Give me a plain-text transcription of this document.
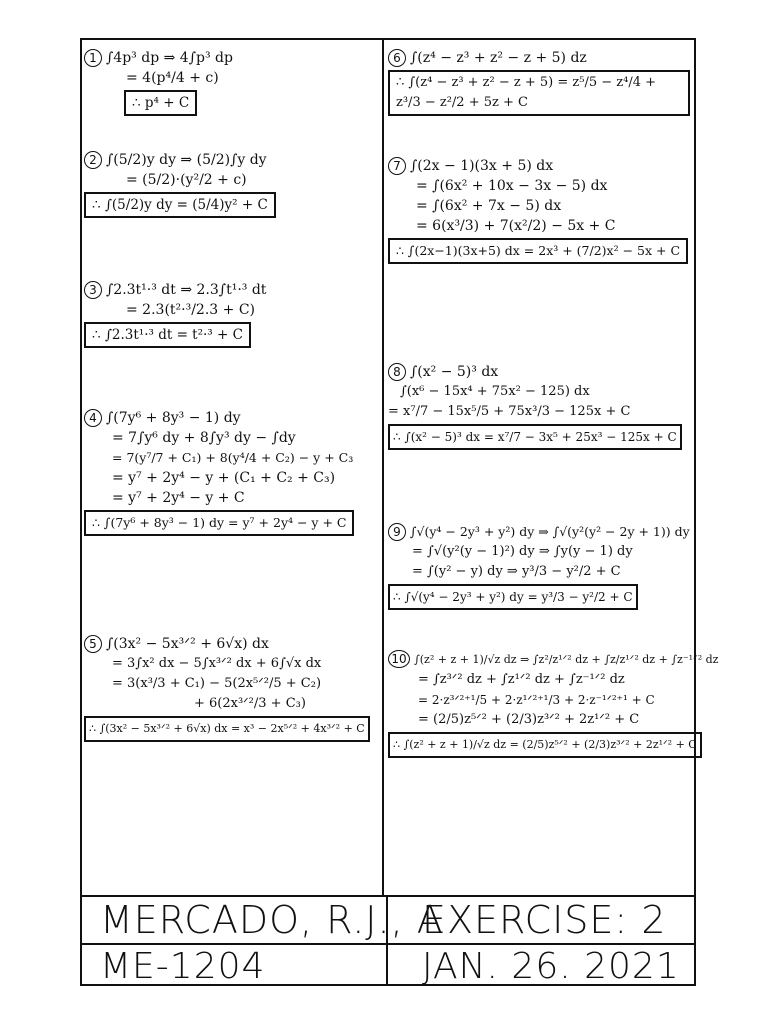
1 ∫4p³ dp ⇒ 4∫p³ dp
= 4(p⁴/4 + c)
∴ p⁴ + C
2 ∫(5/2)y dy ⇒ (5/2)∫y dy
= (5/2)·(y²/2 + c)
∴ ∫(5/2)y dy = (5/4)y² + C
3 ∫2.3t¹·³ dt ⇒ 2.3∫t¹·³ dt
= 2.3(t²·³/2.3 + C)
∴ ∫2.3t¹·³ dt = t²·³ + C
4 ∫(7y⁶ + 8y³ − 1) dy
= 7∫y⁶ dy + 8∫y³ dy − ∫dy
= 7(y⁷/7 + C₁) + 8(y⁴/4 + C₂) − y + C₃
= y⁷ + 2y⁴ − y + (C₁ + C₂ + C₃)
= y⁷ + 2y⁴ − y + C
∴ ∫(7y⁶ + 8y³ − 1) dy = y⁷ + 2y⁴ − y + C
5 ∫(3x² − 5x³ᐟ² + 6√x) dx
= 3∫x² dx − 5∫x³ᐟ² dx + 6∫√x dx
= 3(x³/3 + C₁) − 5(2x⁵ᐟ²/5 + C₂)
+ 6(2x³ᐟ²/3 + C₃)
∴ ∫(3x² − 5x³ᐟ² + 6√x) dx = x³ − 2x⁵ᐟ² + 4x³ᐟ² + C
6 ∫(z⁴ − z³ + z² − z + 5) dz
∴ ∫(z⁴ − z³ + z² − z + 5) = z⁵/5 − z⁴/4 + z³/3 − z²/2 + 5z + C
7 ∫(2x − 1)(3x + 5) dx
= ∫(6x² + 10x − 3x − 5) dx
= ∫(6x² + 7x − 5) dx
= 6(x³/3) + 7(x²/2) − 5x + C
∴ ∫(2x−1)(3x+5) dx = 2x³ + (7/2)x² − 5x + C
8 ∫(x² − 5)³ dx
∫(x⁶ − 15x⁴ + 75x² − 125) dx
= x⁷/7 − 15x⁵/5 + 75x³/3 − 125x + C
∴ ∫(x² − 5)³ dx = x⁷/7 − 3x⁵ + 25x³ − 125x + C
9 ∫√(y⁴ − 2y³ + y²) dy ⇒ ∫√(y²(y² − 2y + 1)) dy
= ∫√(y²(y − 1)²) dy ⇒ ∫y(y − 1) dy
= ∫(y² − y) dy ⇒ y³/3 − y²/2 + C
∴ ∫√(y⁴ − 2y³ + y²) dy = y³/3 − y²/2 + C
10 ∫(z² + z + 1)/√z dz ⇒ ∫z²/z¹ᐟ² dz + ∫z/z¹ᐟ² dz + ∫z⁻¹ᐟ² dz
= ∫z³ᐟ² dz + ∫z¹ᐟ² dz + ∫z⁻¹ᐟ² dz
= 2·z³ᐟ²⁺¹/5 + 2·z¹ᐟ²⁺¹/3 + 2·z⁻¹ᐟ²⁺¹ + C
= (2/5)z⁵ᐟ² + (2/3)z³ᐟ² + 2z¹ᐟ² + C
∴ ∫(z² + z + 1)/√z dz = (2/5)z⁵ᐟ² + (2/3)z³ᐟ² + 2z¹ᐟ² + C
MERCADO, R.J., A
EXERCISE: 2
ME-1204	JAN. 26. 2021
